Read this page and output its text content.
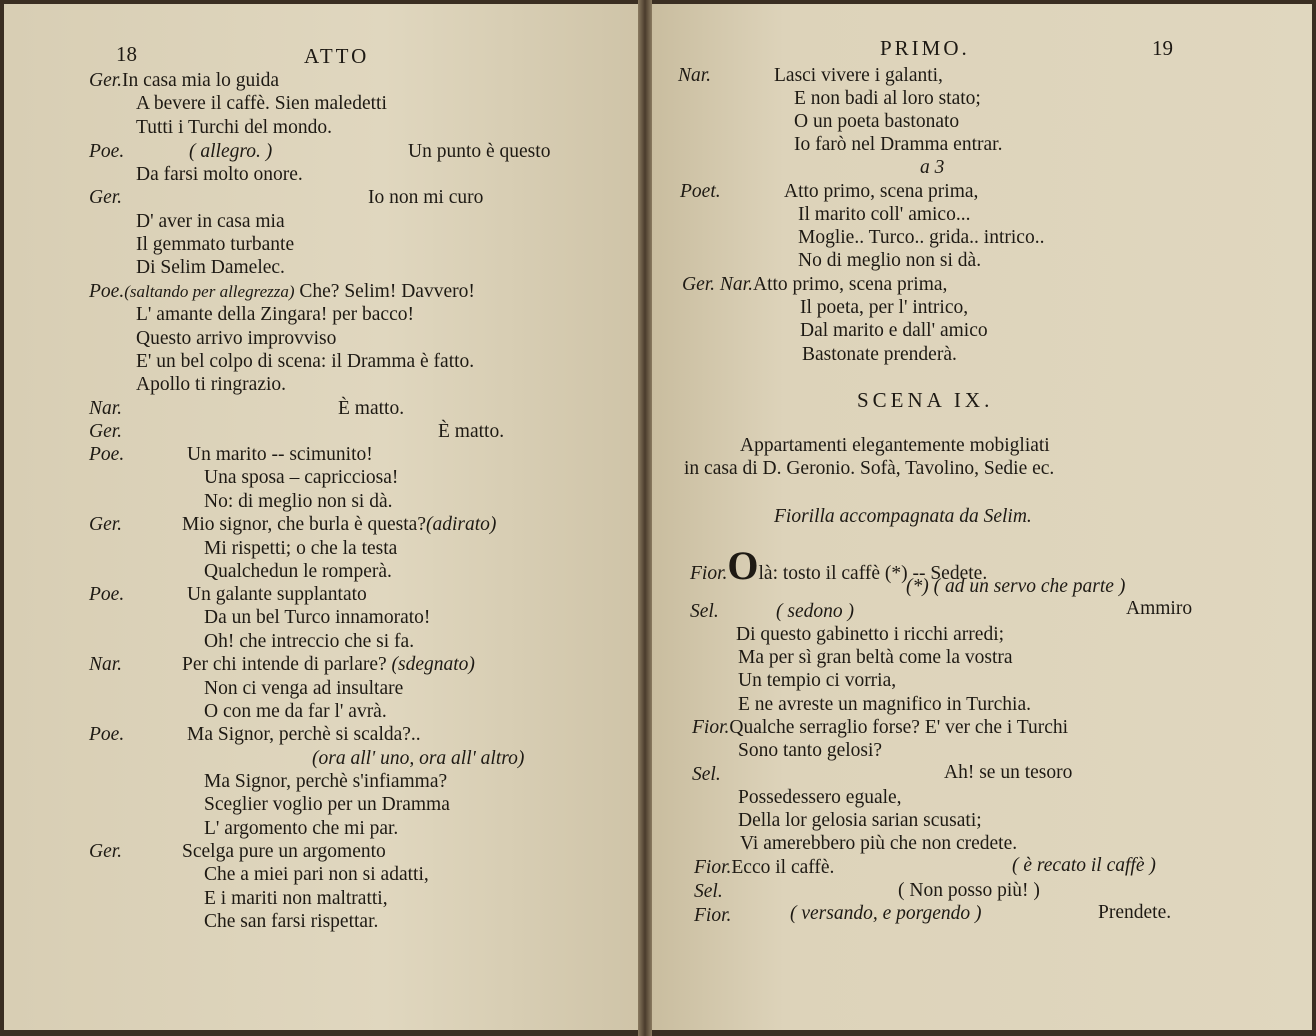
18	ATTO
Ger.In casa mia lo guida
A bevere il caffè. Sien maledetti
Tutti i Turchi del mondo.
Poe.	( allegro. )	Un punto è questo
Da farsi molto onore.
Ger.	Io non mi curo
D' aver in casa mia
Il gemmato turbante
Di Selim Damelec.
Poe.(saltando per allegrezza) Che? Selim! Davvero!
L' amante della Zingara! per bacco!
Questo arrivo improvviso
E' un bel colpo di scena: il Dramma è fatto.
Apollo ti ringrazio.
Nar.	È matto.
Ger.	È matto.
Poe.	Un marito -- scimunito!
Una sposa – capricciosa!
No: di meglio non si dà.
Ger.	Mio signor, che burla è questa?(adirato)
Mi rispetti; o che la testa
Qualchedun le romperà.
Poe.	Un galante supplantato
Da un bel Turco innamorato!
Oh! che intreccio che si fa.
Nar.	Per chi intende di parlare? (sdegnato)
Non ci venga ad insultare
O con me da far l' avrà.
Poe.	Ma Signor, perchè si scalda?..
(ora all' uno, ora all' altro)
Ma Signor, perchè s'infiamma?
Sceglier voglio per un Dramma
L' argomento che mi par.
Ger.	Scelga pure un argomento
Che a miei pari non si adatti,
E i mariti non maltratti,
Che san farsi rispettar.
PRIMO.	19
Nar.	Lasci vivere i galanti,
E non badi al loro stato;
O un poeta bastonato
Io farò nel Dramma entrar.
a 3
Poet.	Atto primo, scena prima,
Il marito coll' amico...
Moglie.. Turco.. grida.. intrico..
No di meglio non si dà.
Ger. Nar.Atto primo, scena prima,
Il poeta, per l' intrico,
Dal marito e dall' amico
Bastonate prenderà.
SCENA IX.
Appartamenti elegantemente mobigliati
in casa di D. Geronio. Sofà, Tavolino, Sedie ec.
Fiorilla accompagnata da Selim.
Fior.Olà: tosto il caffè (*) -- Sedete.
(*) ( ad un servo che parte )
Sel.	( sedono )	Ammiro
Di questo gabinetto i ricchi arredi;
Ma per sì gran beltà come la vostra
Un tempio ci vorria,
E ne avreste un magnifico in Turchia.
Fior.Qualche serraglio forse? E' ver che i Turchi
Sono tanto gelosi?
Sel.	Ah! se un tesoro
Possedessero eguale,
Della lor gelosia sarian scusati;
Vi amerebbero più che non credete.
Fior.Ecco il caffè.	( è recato il caffè )
Sel.	( Non posso più! )
Fior.	( versando, e porgendo )	Prendete.
